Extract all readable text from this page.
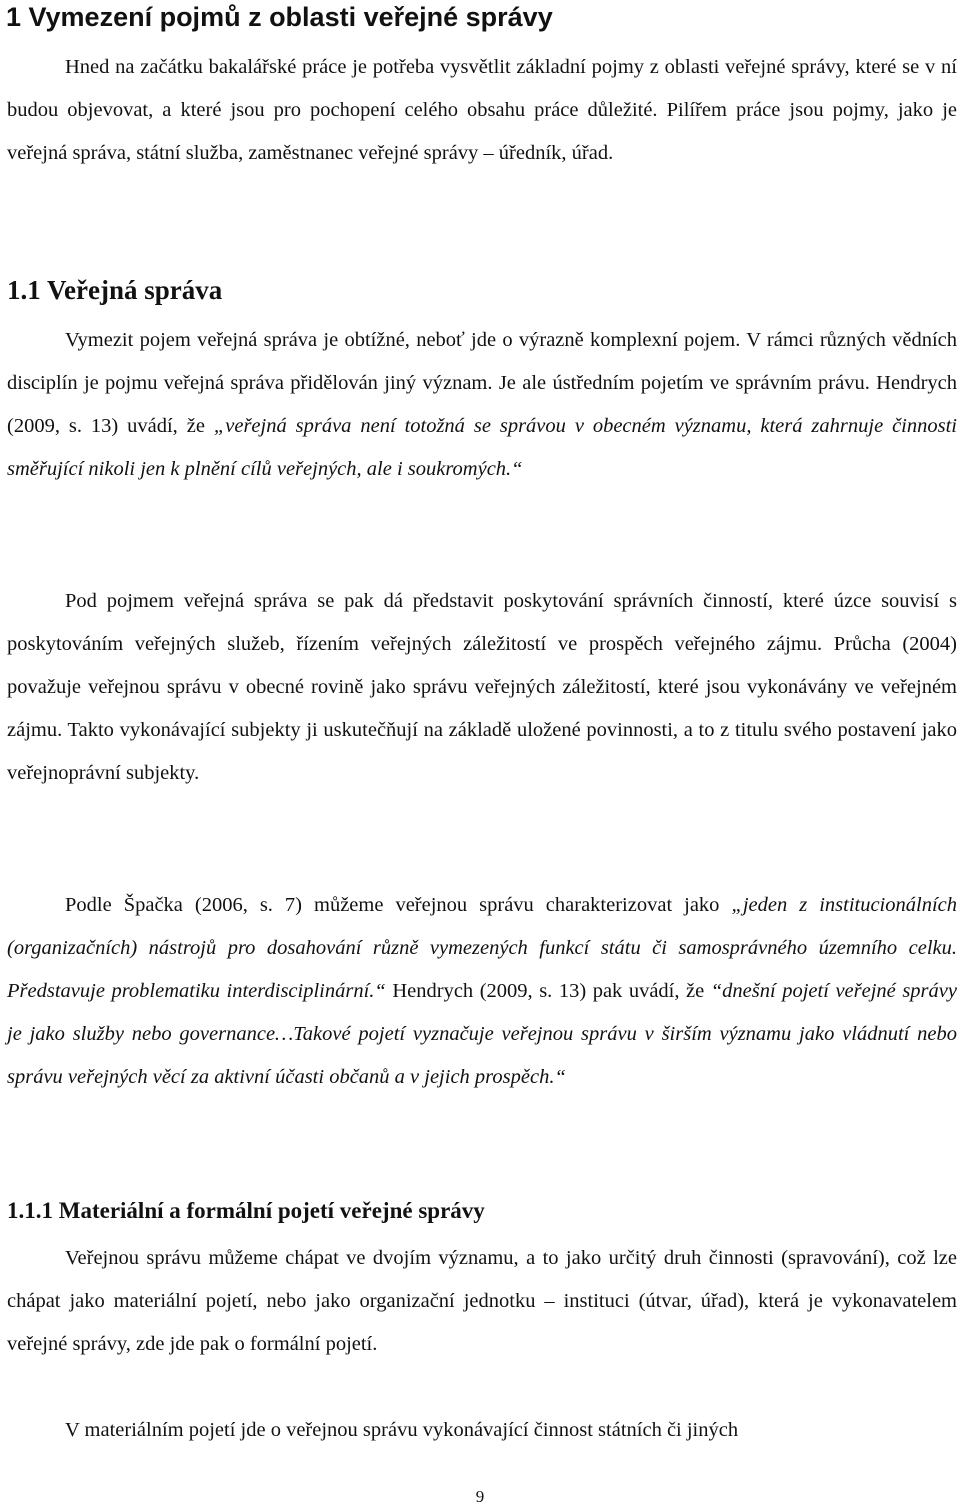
1 Vymezení pojmů z oblasti veřejné správy

Hned na začátku bakalářské práce je potřeba vysvětlit základní pojmy z oblasti veřejné správy, které se v ní budou objevovat, a které jsou pro pochopení celého obsahu práce důležité. Pilířem práce jsou pojmy, jako je veřejná správa, státní služba, zaměstnanec veřejné správy – úředník, úřad.

1.1 Veřejná správa

Vymezit pojem veřejná správa je obtížné, neboť jde o výrazně komplexní pojem. V rámci různých vědních disciplín je pojmu veřejná správa přidělován jiný význam. Je ale ústředním pojetím ve správním právu. Hendrych (2009, s. 13) uvádí, že „veřejná správa není totožná se správou v obecném významu, která zahrnuje činnosti směřující nikoli jen k plnění cílů veřejných, ale i soukromých.“

Pod pojmem veřejná správa se pak dá představit poskytování správních činností, které úzce souvisí s poskytováním veřejných služeb, řízením veřejných záležitostí ve prospěch veřejného zájmu. Průcha (2004) považuje veřejnou správu v obecné rovině jako správu veřejných záležitostí, které jsou vykonávány ve veřejném zájmu. Takto vykonávající subjekty ji uskutečňují na základě uložené povinnosti, a to z titulu svého postavení jako veřejnoprávní subjekty.

Podle Špačka (2006, s. 7) můžeme veřejnou správu charakterizovat jako „jeden z institucionálních (organizačních) nástrojů pro dosahování různě vymezených funkcí státu či samosprávného územního celku. Představuje problematiku interdisciplinární.“ Hendrych (2009, s. 13) pak uvádí, že “dnešní pojetí veřejné správy je jako služby nebo governance…Takové pojetí vyznačuje veřejnou správu v širším významu jako vládnutí nebo správu veřejných věcí za aktivní účasti občanů a v jejich prospěch.“

1.1.1 Materiální a formální pojetí veřejné správy

Veřejnou správu můžeme chápat ve dvojím významu, a to jako určitý druh činnosti (spravování), což lze chápat jako materiální pojetí, nebo jako organizační jednotku – instituci (útvar, úřad), která je vykonavatelem veřejné správy, zde jde pak o formální pojetí.

V materiálním pojetí jde o veřejnou správu vykonávající činnost státních či jiných

9
